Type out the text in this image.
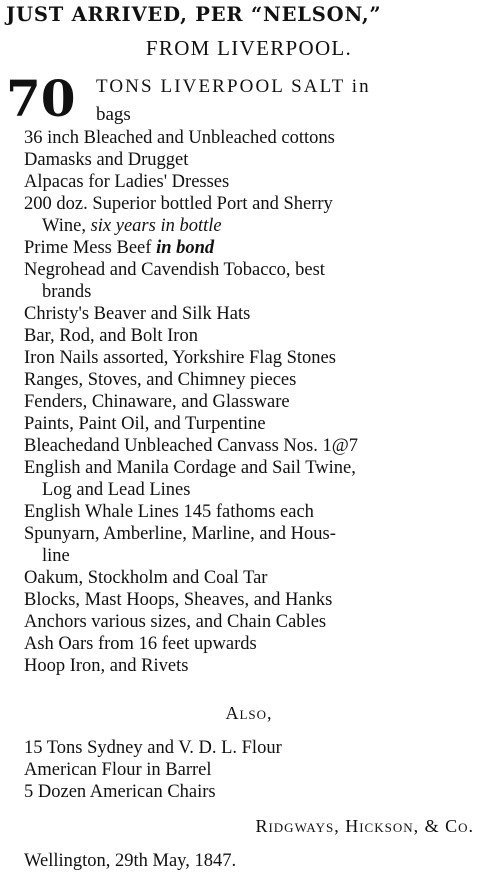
JUST ARRIVED, PER “NELSON,”
FROM LIVERPOOL.
70 TONS LIVERPOOL SALT in
bags
36 inch Bleached and Unbleached cottons
Damasks and Drugget
Alpacas for Ladies' Dresses
200 doz. Superior bottled Port and Sherry
Wine, six years in bottle
Prime Mess Beef in bond
Negrohead and Cavendish Tobacco, best
brands
Christy's Beaver and Silk Hats
Bar, Rod, and Bolt Iron
Iron Nails assorted, Yorkshire Flag Stones
Ranges, Stoves, and Chimney pieces
Fenders, Chinaware, and Glassware
Paints, Paint Oil, and Turpentine
Bleachedand Unbleached Canvass Nos. 1@7
English and Manila Cordage and Sail Twine,
Log and Lead Lines
English Whale Lines 145 fathoms each
Spunyarn, Amberline, Marline, and Hous-
line
Oakum, Stockholm and Coal Tar
Blocks, Mast Hoops, Sheaves, and Hanks
Anchors various sizes, and Chain Cables
Ash Oars from 16 feet upwards
Hoop Iron, and Rivets
Also,
15 Tons Sydney and V. D. L. Flour
American Flour in Barrel
5 Dozen American Chairs
Ridgways, Hickson, & Co.
Wellington, 29th May, 1847.
